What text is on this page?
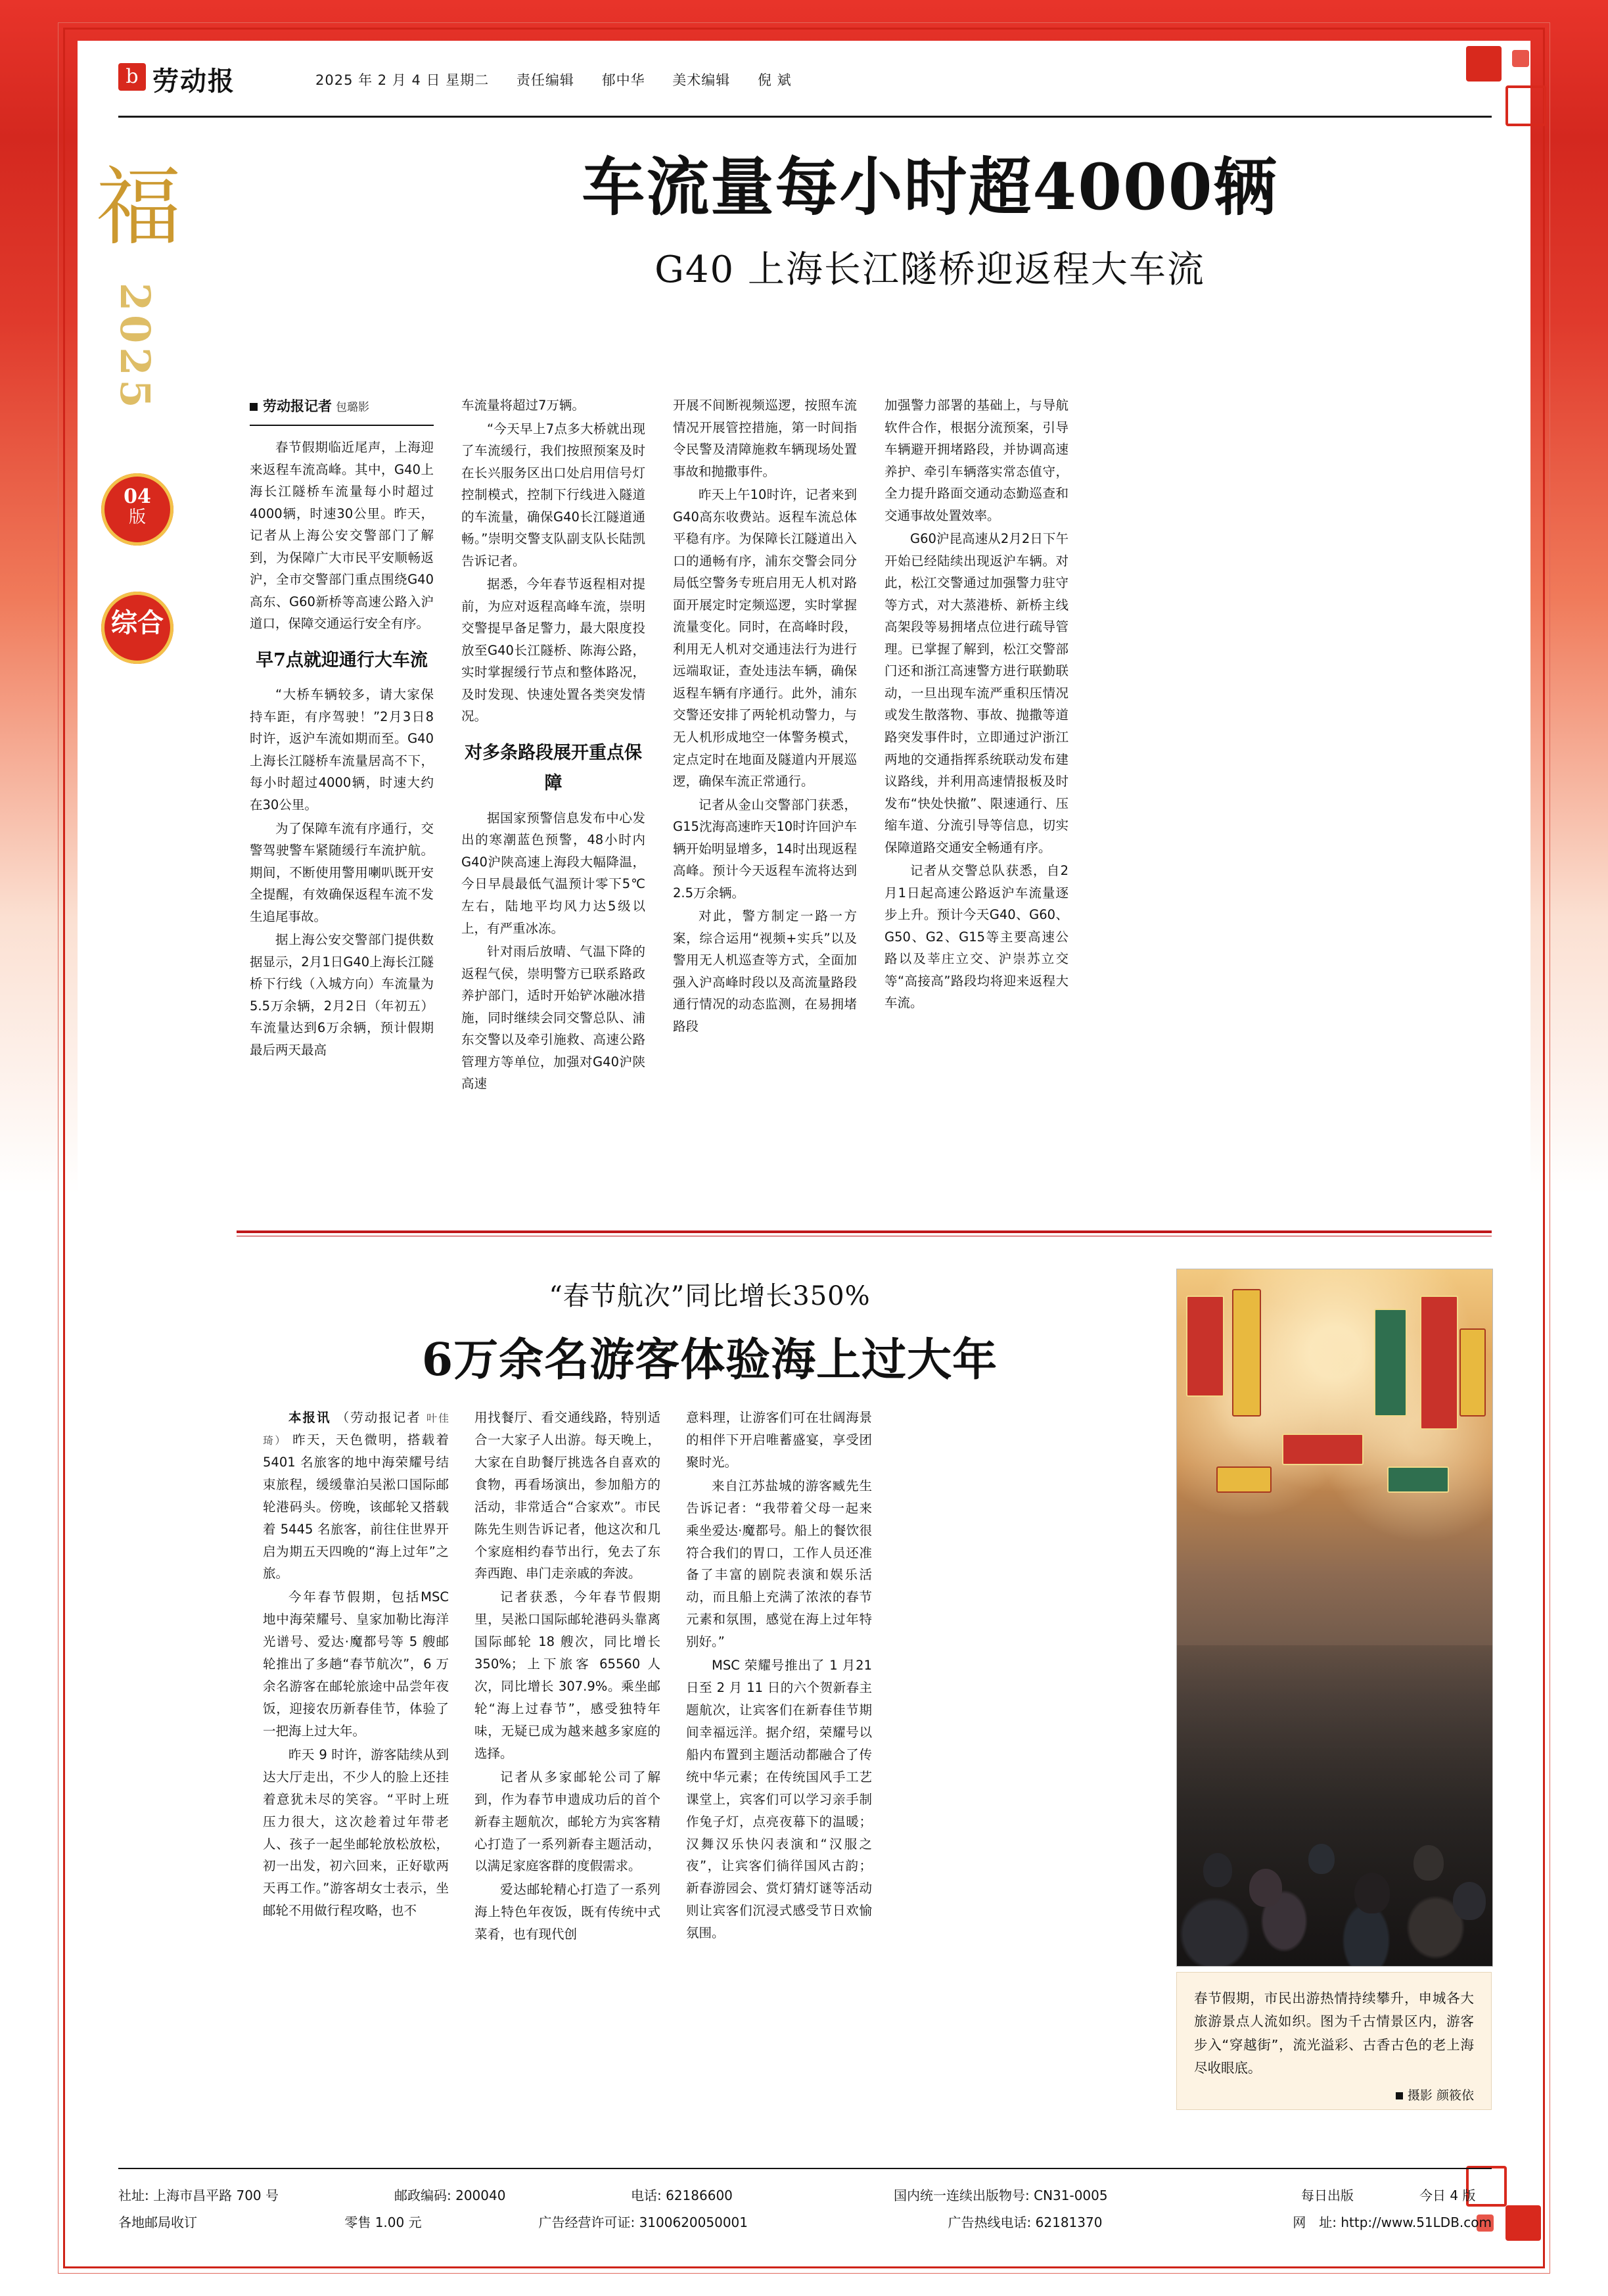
b 劳动报	2025 年 2 月 4 日 星期二 责任编辑 郁中华 美术编辑 倪 斌
福
2025
04
版
综合
车流量每小时超4000辆
G40 上海长江隧桥迎返程大车流
劳动报记者 包璐影

春节假期临近尾声，上海迎来返程车流高峰。其中，G40上海长江隧桥车流量每小时超过4000辆，时速30公里。昨天，记者从上海公安交警部门了解到，为保障广大市民平安顺畅返沪，全市交警部门重点围绕G40高东、G60新桥等高速公路入沪道口，保障交通运行安全有序。

早7点就迎通行大车流

“大桥车辆较多，请大家保持车距，有序驾驶！”2月3日8时许，返沪车流如期而至。G40上海长江隧桥车流量居高不下，每小时超过4000辆，时速大约在30公里。

为了保障车流有序通行，交警驾驶警车紧随缓行车流护航。期间，不断使用警用喇叭既开安全提醒，有效确保返程车流不发生追尾事故。

据上海公安交警部门提供数据显示，2月1日G40上海长江隧桥下行线（入城方向）车流量为5.5万余辆，2月2日（年初五）车流量达到6万余辆，预计假期最后两天最高

车流量将超过7万辆。

“今天早上7点多大桥就出现了车流缓行，我们按照预案及时在长兴服务区出口处启用信号灯控制模式，控制下行线进入隧道的车流量，确保G40长江隧道通畅。”崇明交警支队副支队长陆凯告诉记者。

据悉，今年春节返程相对提前，为应对返程高峰车流，崇明交警提早备足警力，最大限度投放至G40长江隧桥、陈海公路，实时掌握缓行节点和整体路况，及时发现、快速处置各类突发情况。

对多条路段展开重点保障

据国家预警信息发布中心发出的寒潮蓝色预警，48小时内G40沪陕高速上海段大幅降温，今日早晨最低气温预计零下5℃左右，陆地平均风力达5级以上，有严重冰冻。

针对雨后放晴、气温下降的返程气侯，崇明警方已联系路政养护部门，适时开始铲冰融冰措施，同时继续会同交警总队、浦东交警以及牵引施救、高速公路管理方等单位，加强对G40沪陕高速

开展不间断视频巡逻，按照车流情况开展管控措施，第一时间指令民警及清障施救车辆现场处置事故和抛撒事件。

昨天上午10时许，记者来到G40高东收费站。返程车流总体平稳有序。为保障长江隧道出入口的通畅有序，浦东交警会同分局低空警务专班启用无人机对路面开展定时定频巡逻，实时掌握流量变化。同时，在高峰时段，利用无人机对交通违法行为进行远端取证，查处违法车辆，确保返程车辆有序通行。此外，浦东交警还安排了两轮机动警力，与无人机形成地空一体警务模式，定点定时在地面及隧道内开展巡逻，确保车流正常通行。

记者从金山交警部门获悉，G15沈海高速昨天10时许回沪车辆开始明显增多，14时出现返程高峰。预计今天返程车流将达到2.5万余辆。

对此，警方制定一路一方案，综合运用“视频+实兵”以及警用无人机巡查等方式，全面加强入沪高峰时段以及高流量路段通行情况的动态监测，在易拥堵路段

加强警力部署的基础上，与导航软件合作，根据分流预案，引导车辆避开拥堵路段，并协调高速养护、牵引车辆落实常态值守，全力提升路面交通动态勤巡查和交通事故处置效率。

G60沪昆高速从2月2日下午开始已经陆续出现返沪车辆。对此，松江交警通过加强警力驻守等方式，对大蒸港桥、新桥主线高架段等易拥堵点位进行疏导管理。已掌握了解到，松江交警部门还和浙江高速警方进行联勤联动，一旦出现车流严重积压情况或发生散落物、事故、抛撒等道路突发事件时，立即通过沪浙江两地的交通指挥系统联动发布建议路线，并利用高速情报板及时发布“快处快撤”、限速通行、压缩车道、分流引导等信息，切实保障道路交通安全畅通有序。

记者从交警总队获悉，自2月1日起高速公路返沪车流量逐步上升。预计今天G40、G60、G50、G2、G15等主要高速公路以及莘庄立交、沪崇苏立交等“高接高”路段均将迎来返程大车流。

“春节航次”同比增长350%
6万余名游客体验海上过大年

本报讯 （劳动报记者 叶佳琦） 昨天，天色微明，搭载着 5401 名旅客的地中海荣耀号结束旅程，缓缓靠泊吴淞口国际邮轮港码头。傍晚，该邮轮又搭载着 5445 名旅客，前往住世界开启为期五天四晚的“海上过年”之旅。

今年春节假期，包括MSC 地中海荣耀号、皇家加勒比海洋光谱号、爱达·魔都号等 5 艘邮轮推出了多趟“春节航次”，6 万余名游客在邮轮旅途中品尝年夜饭，迎接农历新春佳节，体验了一把海上过大年。

昨天 9 时许，游客陆续从到达大厅走出，不少人的脸上还挂着意犹未尽的笑容。“平时上班压力很大，这次趁着过年带老人、孩子一起坐邮轮放松放松，初一出发，初六回来，正好歇两天再工作。”游客胡女士表示，坐邮轮不用做行程攻略，也不

用找餐厅、看交通线路，特别适合一大家子人出游。每天晚上，大家在自助餐厅挑选各自喜欢的食物，再看场演出，参加船方的活动，非常适合“合家欢”。市民陈先生则告诉记者，他这次和几个家庭相约春节出行，免去了东奔西跑、串门走亲戚的奔波。

记者获悉，今年春节假期里，吴淞口国际邮轮港码头靠离国际邮轮 18 艘次，同比增长 350%；上下旅客 65560 人次，同比增长 307.9%。乘坐邮轮“海上过春节”，感受独特年味，无疑已成为越来越多家庭的选择。

记者从多家邮轮公司了解到，作为春节申遗成功后的首个新春主题航次，邮轮方为宾客精心打造了一系列新春主题活动，以满足家庭客群的度假需求。

爱达邮轮精心打造了一系列海上特色年夜饭，既有传统中式菜肴，也有现代创

意料理，让游客们可在壮阔海景的相伴下开启唯蓄盛宴，享受团聚时光。

来自江苏盐城的游客臧先生告诉记者：“我带着父母一起来乘坐爱达·魔都号。船上的餐饮很符合我们的胃口，工作人员还准备了丰富的剧院表演和娱乐活动，而且船上充满了浓浓的春节元素和氛围，感觉在海上过年特别好。”

MSC 荣耀号推出了 1 月21日至 2 月 11 日的六个贺新春主题航次，让宾客们在新春佳节期间幸福远洋。据介绍，荣耀号以船内布置到主题活动都融合了传统中华元素；在传统国风手工艺课堂上，宾客们可以学习亲手制作兔子灯，点亮夜幕下的温暖；汉舞汉乐快闪表演和“汉服之夜”，让宾客们徜徉国风古韵；新春游园会、赏灯猜灯谜等活动则让宾客们沉浸式感受节日欢愉氛围。

春节假期，市民出游热情持续攀升，申城各大旅游景点人流如织。图为千古情景区内，游客步入“穿越街”，流光溢彩、古香古色的老上海尽收眼底。
摄影 颜筱依
社址: 上海市昌平路 700 号	邮政编码: 200040	电话: 62186600	国内统一连续出版物号: CN31-0005	每日出版	今日 4 版
各地邮局收订	零售 1.00 元	广告经营许可证: 3100620050001	广告热线电话: 62181370	网　址: http://www.51LDB.com
